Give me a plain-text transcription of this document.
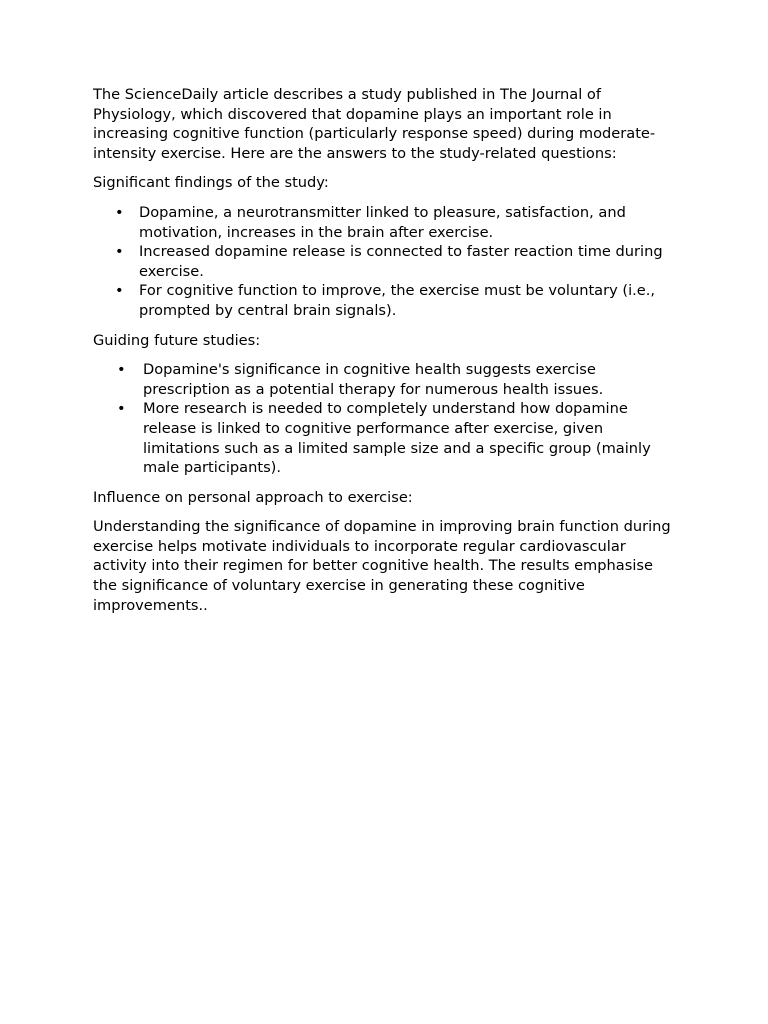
The ScienceDaily article describes a study published in The Journal of Physiology, which discovered that dopamine plays an important role in increasing cognitive function (particularly response speed) during moderate-intensity exercise. Here are the answers to the study-related questions:

Significant findings of the study:

• Dopamine, a neurotransmitter linked to pleasure, satisfaction, and motivation, increases in the brain after exercise.
• Increased dopamine release is connected to faster reaction time during exercise.
• For cognitive function to improve, the exercise must be voluntary (i.e., prompted by central brain signals).

Guiding future studies:

• Dopamine's significance in cognitive health suggests exercise prescription as a potential therapy for numerous health issues.
• More research is needed to completely understand how dopamine release is linked to cognitive performance after exercise, given limitations such as a limited sample size and a specific group (mainly male participants).

Influence on personal approach to exercise:

Understanding the significance of dopamine in improving brain function during exercise helps motivate individuals to incorporate regular cardiovascular activity into their regimen for better cognitive health. The results emphasise the significance of voluntary exercise in generating these cognitive improvements..
